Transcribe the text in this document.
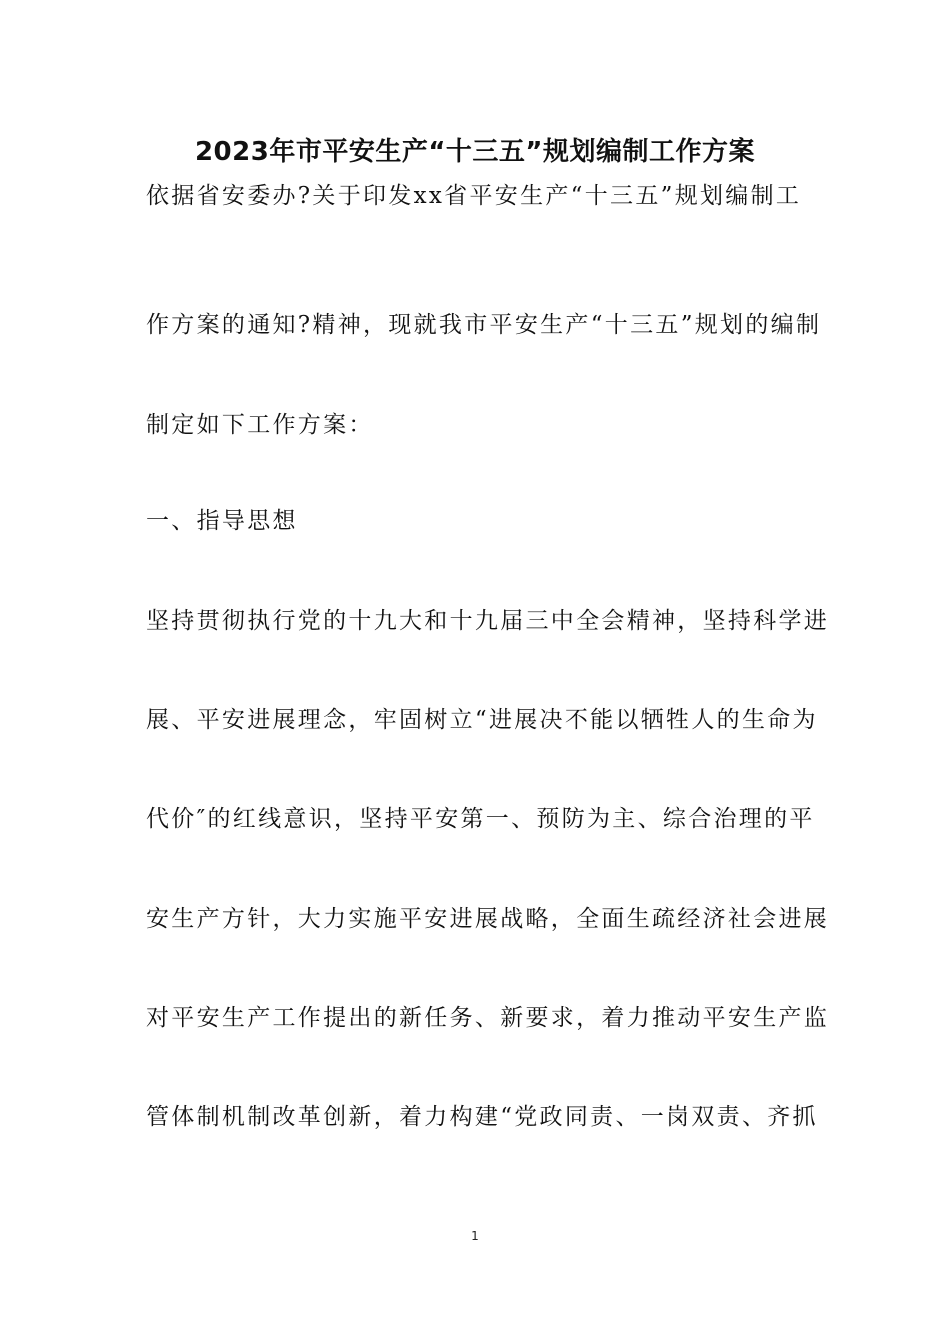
2023年市平安生产“十三五”规划编制工作方案
依据省安委办?关于印发xx省平安生产“十三五”规划编制工
作方案的通知?精神，现就我市平安生产“十三五”规划的编制
制定如下工作方案：
一、指导思想
坚持贯彻执行党的十九大和十九届三中全会精神，坚持科学进
展、平安进展理念，牢固树立“进展决不能以牺牲人的生命为
代价″的红线意识，坚持平安第一、预防为主、综合治理的平
安生产方针，大力实施平安进展战略，全面生疏经济社会进展
对平安生产工作提出的新任务、新要求，着力推动平安生产监
管体制机制改革创新，着力构建“党政同责、一岗双责、齐抓
1
